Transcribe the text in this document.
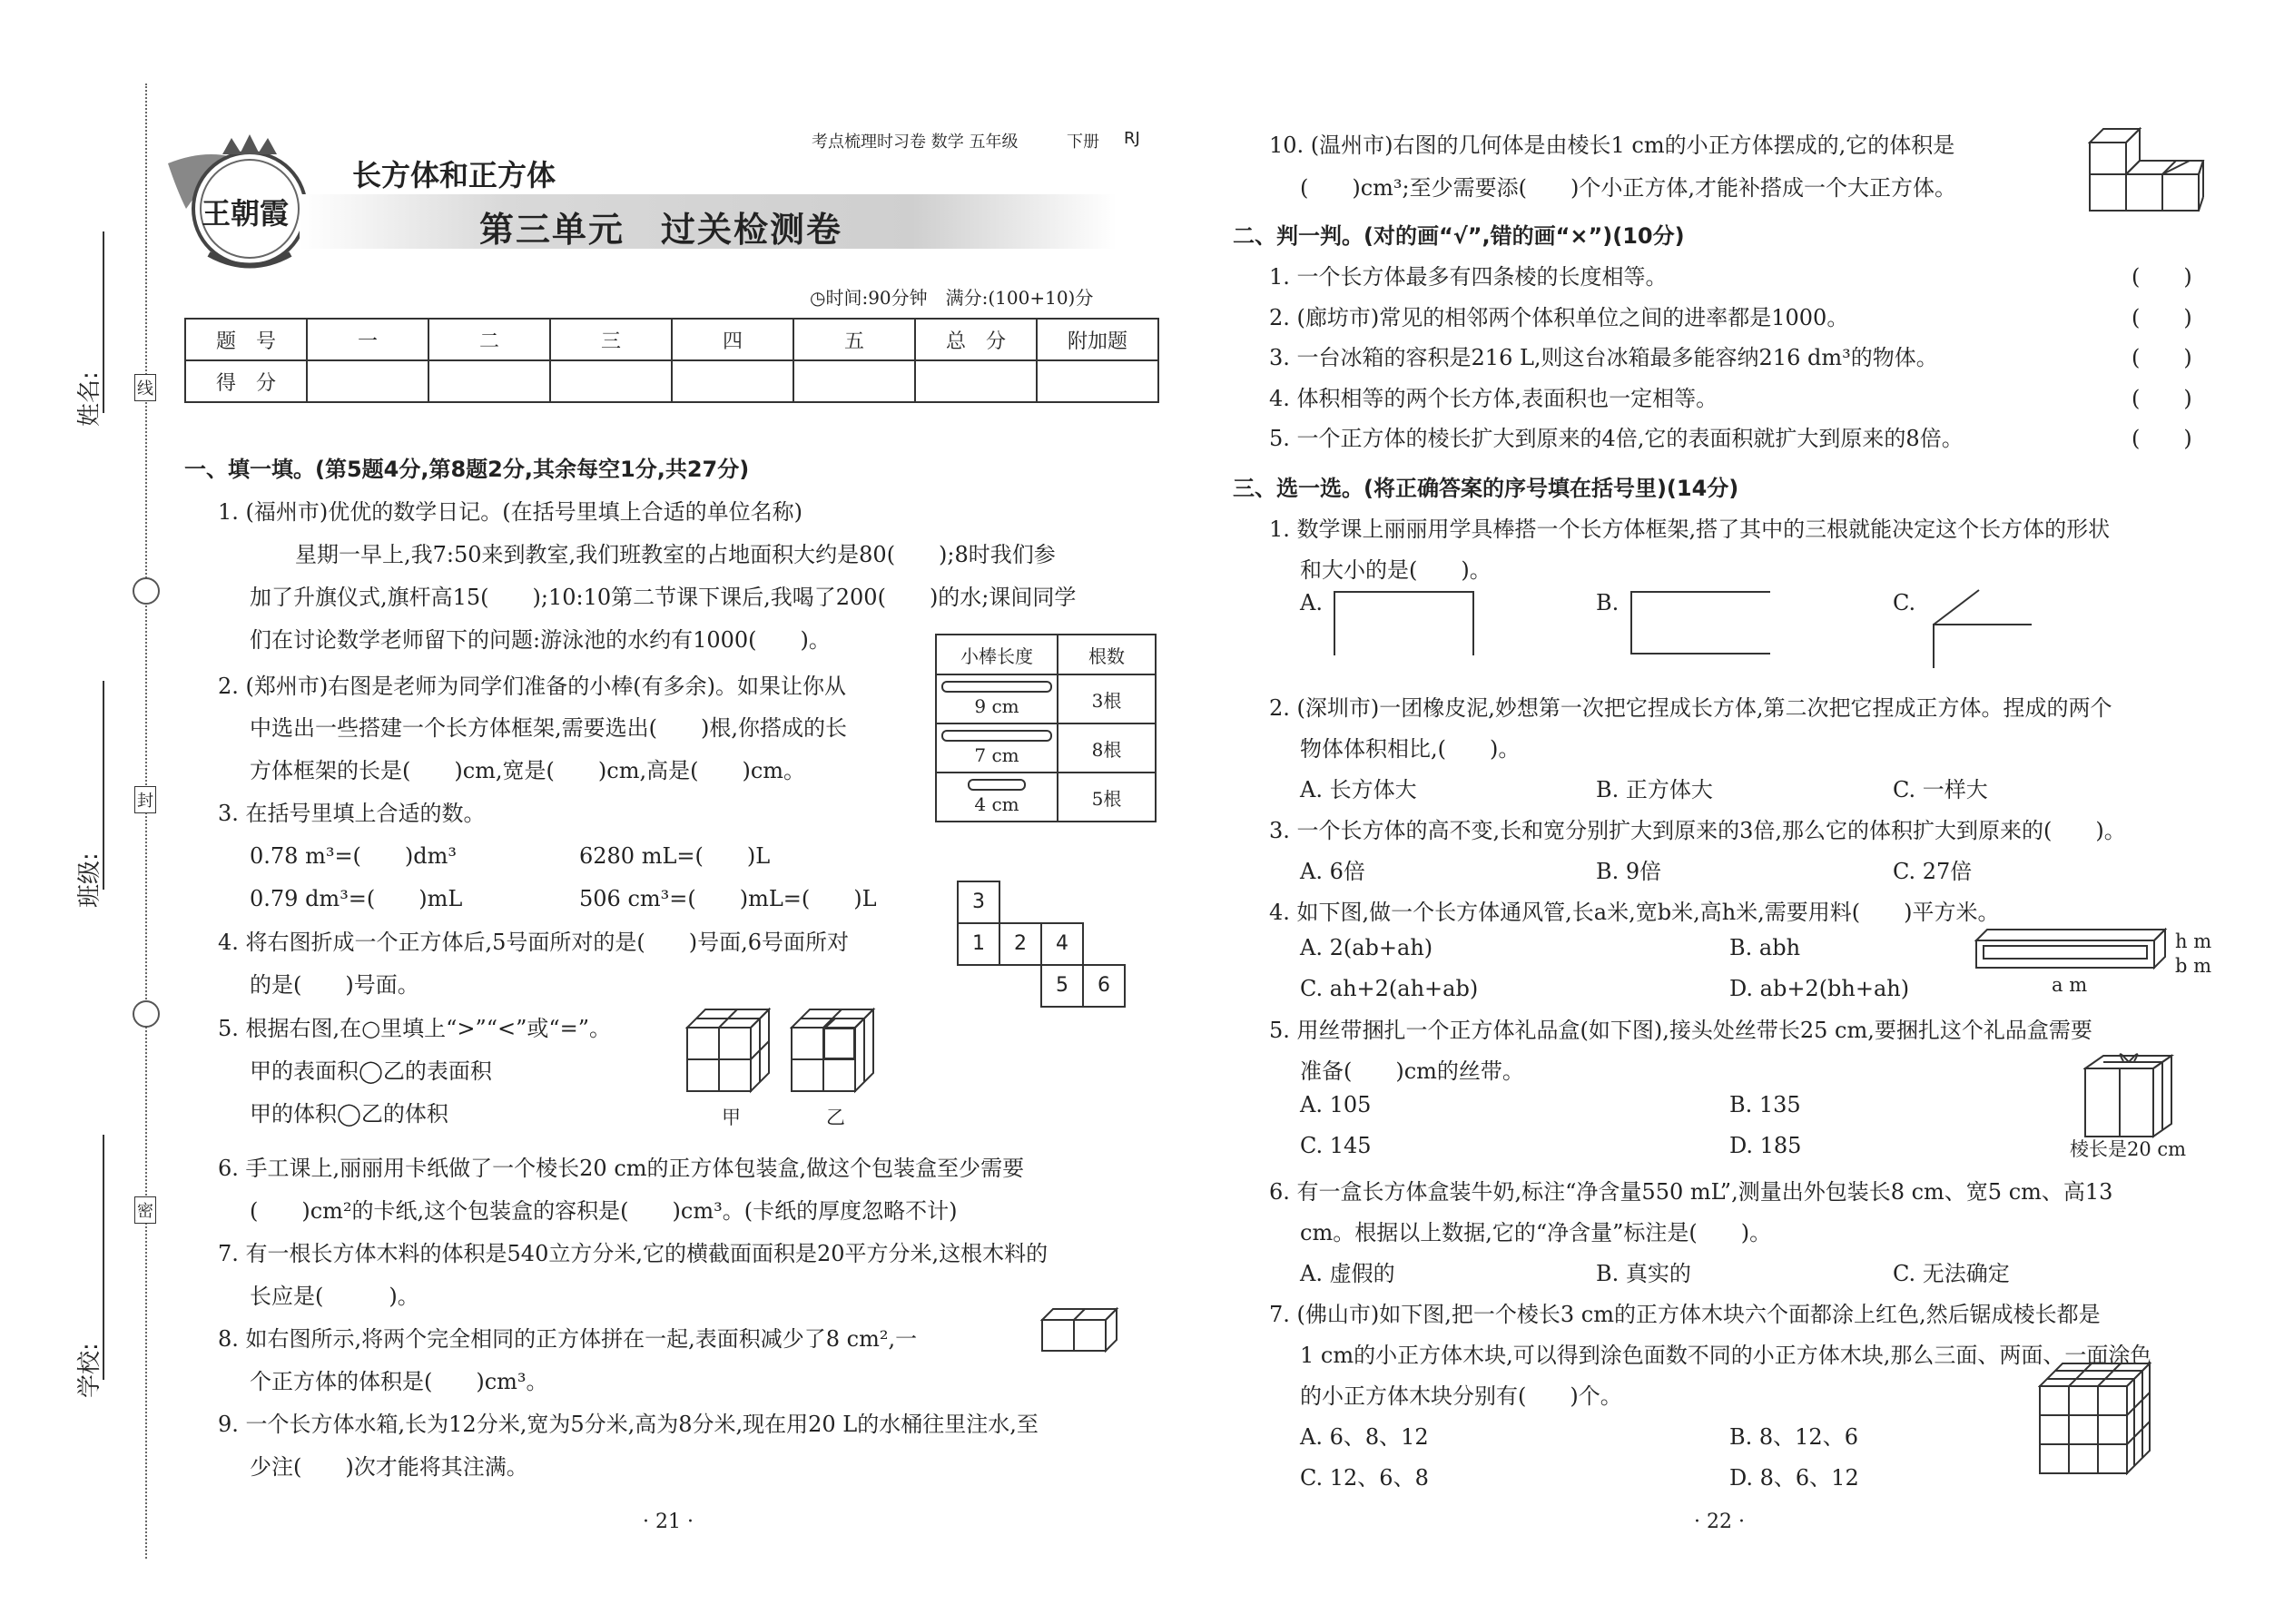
姓名:
班级:
学校:
线
封
密
王朝霞
考点梳理时习卷 数学 五年级	下册 RJ
长方体和正方体
第三单元　过关检测卷
◷时间:90分钟　满分:(100+10)分
题　号	一	二	三	四	五	总　分	附加题
得　分							
一、填一填。(第5题4分,第8题2分,其余每空1分,共27分)
1. (福州市)优优的数学日记。(在括号里填上合适的单位名称)
星期一早上,我7:50来到教室,我们班教室的占地面积大约是80(　　);8时我们参
加了升旗仪式,旗杆高15(　　);10:10第二节课下课后,我喝了200(　　)的水;课间同学
们在讨论数学老师留下的问题:游泳池的水约有1000(　　)。
2. (郑州市)右图是老师为同学们准备的小棒(有多余)。如果让你从
中选出一些搭建一个长方体框架,需要选出(　　)根,你搭成的长
方体框架的长是(　　)cm,宽是(　　)cm,高是(　　)cm。
小棒长度	根数

9 cm	3根

7 cm	8根

4 cm	5根
3. 在括号里填上合适的数。
0.78 m³=(　　)dm³	6280 mL=(　　)L
0.79 dm³=(　　)mL	506 cm³=(　　)mL=(　　)L	3
1	2	4
5	6
4. 将右图折成一个正方体后,5号面所对的是(　　)号面,6号面所对
的是(　　)号面。
5. 根据右图,在○里填上“>”“<”或“=”。
甲的表面积◯乙的表面积
甲的体积◯乙的体积	甲	乙
6. 手工课上,丽丽用卡纸做了一个棱长20 cm的正方体包装盒,做这个包装盒至少需要
(　　)cm²的卡纸,这个包装盒的容积是(　　)cm³。(卡纸的厚度忽略不计)
7. 有一根长方体木料的体积是540立方分米,它的横截面面积是20平方分米,这根木料的
长应是(　　　)。
8. 如右图所示,将两个完全相同的正方体拼在一起,表面积减少了8 cm²,一
个正方体的体积是(　　)cm³。
9. 一个长方体水箱,长为12分米,宽为5分米,高为8分米,现在用20 L的水桶往里注水,至
少注(　　)次才能将其注满。
· 21 ·
10. (温州市)右图的几何体是由棱长1 cm的小正方体摆成的,它的体积是
(　　)cm³;至少需要添(　　)个小正方体,才能补搭成一个大正方体。
二、判一判。(对的画“√”,错的画“×”)(10分)
1. 一个长方体最多有四条棱的长度相等。
2. (廊坊市)常见的相邻两个体积单位之间的进率都是1000。
3. 一台冰箱的容积是216 L,则这台冰箱最多能容纳216 dm³的物体。
4. 体积相等的两个长方体,表面积也一定相等。
5. 一个正方体的棱长扩大到原来的4倍,它的表面积就扩大到原来的8倍。
(　　)
(　　)
(　　)
(　　)
(　　)
三、选一选。(将正确答案的序号填在括号里)(14分)
1. 数学课上丽丽用学具棒搭一个长方体框架,搭了其中的三根就能决定这个长方体的形状
和大小的是(　　)。
A.	B.	C.
2. (深圳市)一团橡皮泥,妙想第一次把它捏成长方体,第二次把它捏成正方体。捏成的两个
物体体积相比,(　　)。
A. 长方体大	B. 正方体大	C. 一样大
3. 一个长方体的高不变,长和宽分别扩大到原来的3倍,那么它的体积扩大到原来的(　　)。
A. 6倍	B. 9倍	C. 27倍
4. 如下图,做一个长方体通风管,长a米,宽b米,高h米,需要用料(　　)平方米。
A. 2(ab+ah)	B. abh
C. ah+2(ah+ab)	D. ab+2(bh+ah)
h m
b m
a m
5. 用丝带捆扎一个正方体礼品盒(如下图),接头处丝带长25 cm,要捆扎这个礼品盒需要
准备(　　)cm的丝带。
A. 105	B. 135
C. 145	D. 185	棱长是20 cm
6. 有一盒长方体盒装牛奶,标注“净含量550 mL”,测量出外包装长8 cm、宽5 cm、高13
cm。根据以上数据,它的“净含量”标注是(　　)。
A. 虚假的	B. 真实的	C. 无法确定
7. (佛山市)如下图,把一个棱长3 cm的正方体木块六个面都涂上红色,然后锯成棱长都是
1 cm的小正方体木块,可以得到涂色面数不同的小正方体木块,那么三面、两面、一面涂色
的小正方体木块分别有(　　)个。
A. 6、8、12	B. 8、12、6
C. 12、6、8	D. 8、6、12
· 22 ·
